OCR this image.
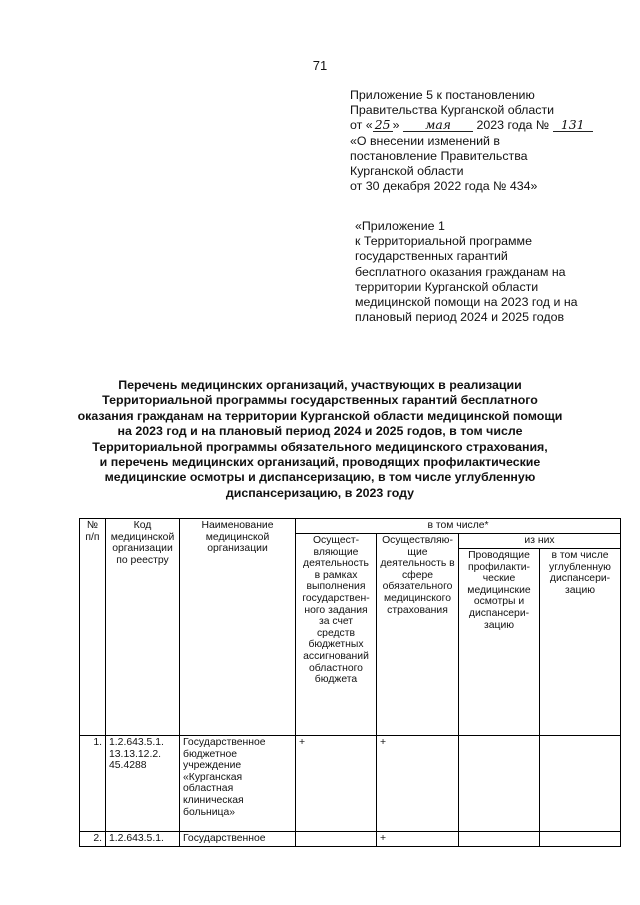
71
Приложение 5 к постановлению
Правительства Курганской области
от « 25 » мая 2023 года № 131
«О внесении изменений в
постановление Правительства
Курганской области
от 30 декабря 2022 года № 434»
«Приложение 1
к Территориальной программе
государственных гарантий
бесплатного оказания гражданам на
территории Курганской области
медицинской помощи на 2023 год и на
плановый период 2024 и 2025 годов
Перечень медицинских организаций, участвующих в реализации
Территориальной программы государственных гарантий бесплатного
оказания гражданам на территории Курганской области медицинской помощи
на 2023 год и на плановый период 2024 и 2025 годов, в том числе
Территориальной программы обязательного медицинского страхования,
и перечень медицинских организаций, проводящих профилактические
медицинские осмотры и диспансеризацию, в том числе углубленную
диспансеризацию, в 2023 году
№ п/п	Код медицинской организации по реестру	Наименование медицинской организации	в том числе*			
			Осущест-вляющие деятельность в рамках выполнения государствен-ного задания за счет средств бюджетных ассигнований областного бюджета	Осуществляю-щие деятельность в сфере обязательного медицинского страхования	из них	
					Проводящие профилакти-ческие медицинские осмотры и диспансери-зацию	в том числе углубленную диспансери-зацию
1.	1.2.643.5.1. 13.13.12.2. 45.4288	Государственное бюджетное учреждение «Курганская областная клиническая больница»	+	+		
2.	1.2.643.5.1.	Государственное		+		
